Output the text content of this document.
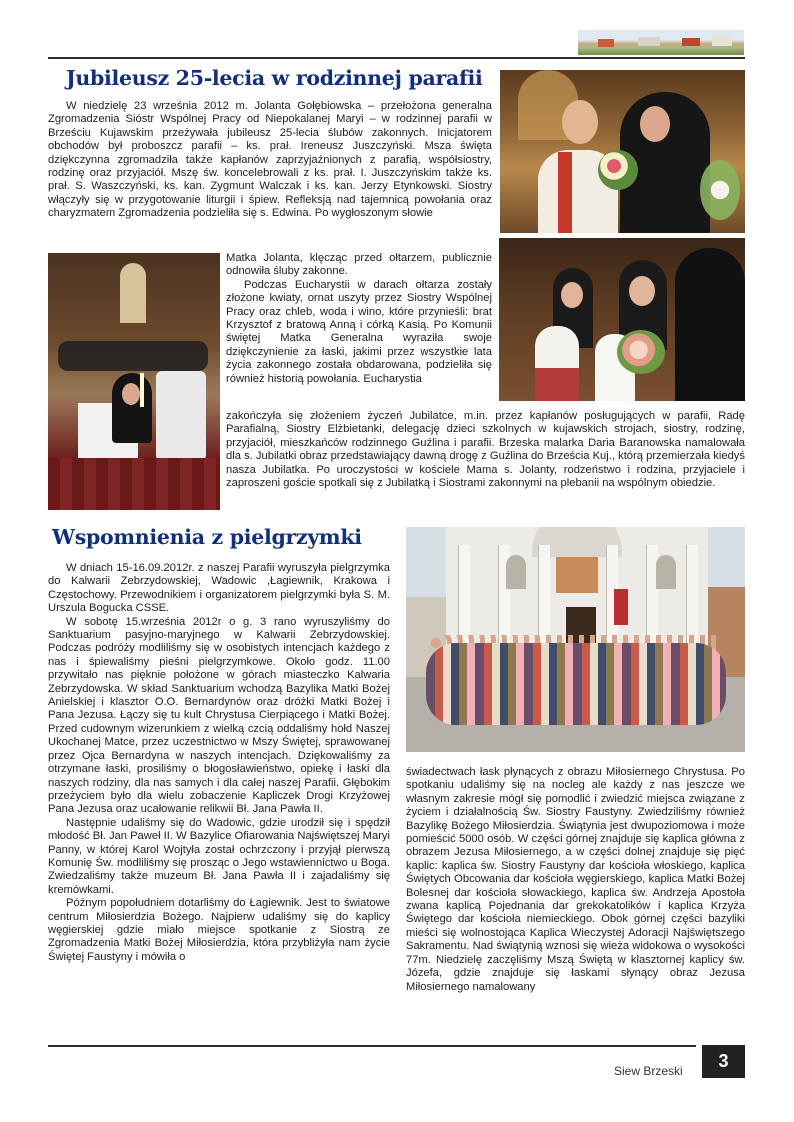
Jubileusz 25-lecia w rodzinnej parafii

W niedzielę 23 września 2012 m. Jolanta Gołębiowska – przełożona generalna Zgromadzenia Sióstr Wspólnej Pracy od Niepokalanej Maryi – w rodzinnej parafii w Brześciu Kujawskim przeżywała jubileusz 25-lecia ślubów zakonnych. Inicjatorem obchodów był proboszcz parafii – ks. prał. Ireneusz Juszczyński. Msza święta dziękczynna zgromadziła także kapłanów zaprzyjaźnionych z parafią, współsiostry, rodzinę oraz przyjaciół. Mszę św. koncelebrowali z ks. prał. I. Juszczyńskim także ks. prał. S. Waszczyński, ks. kan. Zygmunt Walczak i ks. kan. Jerzy Etynkowski. Siostry włączyły się w przygotowanie liturgii i śpiew. Refleksją nad tajemnicą powołania oraz charyzmatem Zgromadzenia podzieliła się s. Edwina. Po wygłoszonym słowie

Matka Jolanta, klęcząc przed ołtarzem, publicznie odnowiła śluby zakonne.

Podczas Eucharystii w darach ołtarza zostały złożone kwiaty, ornat uszyty przez Siostry Wspólnej Pracy oraz chleb, woda i wino, które przynieśli: brat Krzysztof z bratową Anną i córką Kasią. Po Komunii świętej Matka Generalna wyraziła swoje dziękczynienie za łaski, jakimi przez wszystkie lata życia zakonnego została obdarowana, podzieliła się również historią powołania. Eucharystia

zakończyła się złożeniem życzeń Jubilatce, m.in. przez kapłanów posługujących w parafii, Radę Parafialną, Siostry Elżbietanki, delegację dzieci szkolnych w kujawskich strojach, siostry, rodzinę, przyjaciół, mieszkańców rodzinnego Guźlina i parafii. Brzeska malarka Daria Baranowska namalowała dla s. Jubilatki obraz przedstawiający dawną drogę z Guźlina do Brześcia Kuj., którą przemierzała kiedyś nasza Jubilatka. Po uroczystości w kościele Mama s. Jolanty, rodzeństwo i rodzina, przyjaciele i zaproszeni goście spotkali się z Jubilatką i Siostrami zakonnymi na plebanii na wspólnym obiedzie.

Wspomnienia z pielgrzymki

W dniach 15-16.09.2012r. z naszej Parafii wyruszyła pielgrzymka do Kalwarii Zebrzydowskiej, Wadowic ,Łagiewnik, Krakowa i Częstochowy. Przewodnikiem i organizatorem pielgrzymki była S. M. Urszula Bogucka CSSE.

W sobotę 15.września 2012r o g. 3 rano wyruszyliśmy do Sanktuarium pasyjno-maryjnego w Kalwarii Zebrzydowskiej. Podczas podróży modliliśmy się w osobistych intencjach każdego z nas i śpiewaliśmy pieśni pielgrzymkowe. Około godz. 11.00 przywitało nas pięknie położone w górach miasteczko Kalwaria Zebrzydowska. W skład Sanktuarium wchodzą Bazylika Matki Bożej Anielskiej i klasztor O.O. Bernardynów oraz dróżki Matki Bożej i Pana Jezusa. Łączy się tu kult Chrystusa Cierpiącego i Matki Bożej. Przed cudownym wizerunkiem z wielką czcią oddaliśmy hołd Naszej Ukochanej Matce, przez uczestnictwo w Mszy Świętej, sprawowanej przez Ojca Bernardyna w naszych intencjach. Dziękowaliśmy za otrzymane łaski, prosiliśmy o błogosławieństwo, opiekę i łaski dla naszych rodziny, dla nas samych i dla całej naszej Parafii. Głębokim przeżyciem było dla wielu zobaczenie Kapliczek Drogi Krzyżowej Pana Jezusa oraz ucałowanie relikwii Bł. Jana Pawła II.

Następnie udaliśmy się do Wadowic, gdzie urodził się i spędził młodość Bł. Jan Paweł II. W Bazylice Ofiarowania Najświętszej Maryi Panny, w której Karol Wojtyła został ochrzczony i przyjął pierwszą Komunię Św. modliliśmy się prosząc o Jego wstawiennictwo u Boga. Zwiedzaliśmy także muzeum Bł. Jana Pawła II i zajadaliśmy się kremówkami.

Późnym popołudniem dotarliśmy do Łagiewnik. Jest to światowe centrum Miłosierdzia Bożego. Najpierw udaliśmy się do kaplicy węgierskiej gdzie miało miejsce spotkanie z Siostrą ze Zgromadzenia Matki Bożej Miłosierdzia, która przybliżyła nam życie Świętej Faustyny i mówiła o

świadectwach łask płynących z obrazu Miłosiernego Chrystusa. Po spotkaniu udaliśmy się na nocleg ale każdy z nas jeszcze we własnym zakresie mógł się pomodlić i zwiedzić miejsca związane z życiem i działalnością Św. Siostry Faustyny. Zwiedziliśmy również Bazylikę Bożego Miłosierdzia. Świątynia jest dwupoziomowa i może pomieścić 5000 osób. W części górnej znajduje się kaplica główna z obrazem Jezusa Miłosiernego, a w części dolnej znajduje się pięć kaplic: kaplica św. Siostry Faustyny dar kościoła włoskiego, kaplica Świętych Obcowania dar kościoła węgierskiego, kaplica Matki Bożej Bolesnej dar kościoła słowackiego, kaplica św. Andrzeja Apostoła zwana kaplicą Pojednania dar grekokatolików i kaplica Krzyża Świętego dar kościoła niemieckiego. Obok górnej części bazyliki mieści się wolnostojąca Kaplica Wieczystej Adoracji Najświętszego Sakramentu. Nad świątynią wznosi się wieża widokowa o wysokości 77m. Niedzielę zaczęliśmy Mszą Świętą w klasztornej kaplicy św. Józefa, gdzie znajduje się łaskami słynący obraz Jezusa Miłosiernego namalowany

Siew Brzeski	3
